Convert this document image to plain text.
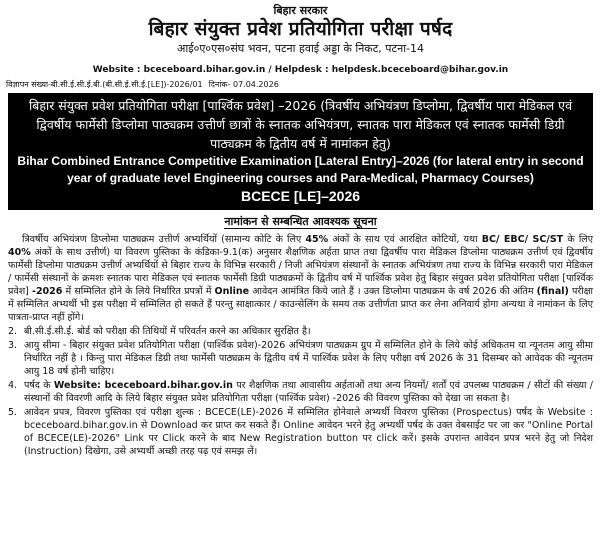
बिहार सरकार
बिहार संयुक्त प्रवेश प्रतियोगिता परीक्षा पर्षद
आई०ए०एस०संघ भवन, पटना हवाई अड्डा के निकट, पटना-14
Website : bceceboard.bihar.gov.in / Helpdesk : helpdesk.bceceboard@bihar.gov.in
विज्ञापन संख्या-बी.सी.ई.सी.ई.बी.(बी.सी.ई.सी.ई.[LE])-2026/01 दिनांक- 07.04.2026
बिहार संयुक्त प्रवेश प्रतियोगिता परीक्षा [पार्श्विक प्रवेश] –2026 (त्रिवर्षीय अभियंत्रण डिप्लोमा, द्विवर्षीय पारा मेडिकल एवं द्विवर्षीय फार्मेसी डिप्लोमा पाठ्यक्रम उत्तीर्ण छात्रों के स्नातक अभियंत्रण, स्नातक पारा मेडिकल एवं स्नातक फार्मेसी डिग्री पाठ्यक्रम के द्वितीय वर्ष में नामांकन हेतु)
Bihar Combined Entrance Competitive Examination [Lateral Entry]–2026 (for lateral entry in second year of graduate level Engineering courses and Para-Medical, Pharmacy Courses)
BCECE [LE]–2026
नामांकन से सम्बन्धित आवश्यक सूचना
त्रिवर्षीय अभियंत्रण डिप्लोमा पाठ्यक्रम उत्तीर्ण अभ्यर्थियों (सामान्य कोटि के लिए 45% अंकों के साथ एवं आरक्षित कोटियों, यथा BC/ EBC/ SC/ST के लिए 40% अंकों के साथ उत्तीर्ण) या विवरण पुस्तिका के कंडिका-9.1(क) अनुसार शैक्षणिक अर्हता प्राप्त तथा द्विवर्षीय पारा मेडिकल डिप्लोमा पाठ्यक्रम उत्तीर्ण एवं द्विवर्षीय फार्मेसी डिप्लोमा पाठ्यक्रम उत्तीर्ण अभ्यर्थियों से बिहार राज्य के विभिन्न सरकारी / निजी अभियंत्रण संस्थानों के स्नातक अभियंत्रण तथा राज्य के विभिन्न सरकारी पारा मेडिकल / फार्मेसी संस्थानों के क्रमशः स्नातक पारा मेडिकल एवं स्नातक फार्मेसी डिग्री पाठ्यक्रमों के द्वितीय वर्ष में पार्श्विक प्रवेश हेतु बिहार संयुक्त प्रवेश प्रतियोगिता परीक्षा [पार्श्विक प्रवेश] -2026 में सम्मिलित होने के लिये निर्धारित प्रपत्रों में Online आवेदन आमंत्रित किये जाते हैं । उक्त डिप्लोमा पाठ्यक्रम के वर्ष 2026 की अंतिम (final) परीक्षा में सम्मिलित अभ्यर्थी भी इस परीक्षा में सम्मिलित हो सकते हैं परन्तु साक्षात्कार / काउन्सेलिंग के समय तक उत्तीर्णता प्राप्त कर लेना अनिवार्य होगा अन्यथा वे नामांकन के लिए पात्रता-प्राप्त नहीं होंगे।
2. बी.सी.ई.सी.ई. बोर्ड को परीक्षा की तिथियों में परिवर्तन करने का अधिकार सुरक्षित है।
3. आयु सीमा - बिहार संयुक्त प्रवेश प्रतियोगिता परीक्षा (पार्श्विक प्रवेश)-2026 अभियंत्रण पाठ्यक्रम ग्रुप में सम्मिलित होने के लिये कोई अधिकतम या न्यूनतम आयु सीमा निर्धारित नहीं है । किन्तु पारा मेडिकल डिग्री तथा फार्मेसी पाठ्यक्रम के द्वितीय वर्ष में पार्श्विक प्रवेश के लिए परीक्षा वर्ष 2026 के 31 दिसम्बर को आवेदक की न्यूनतम आयु 18 वर्ष होनी चाहिए।
4. पर्षद के Website: bceceboard.bihar.gov.in पर शैक्षणिक तथा आवासीय अर्हताओं तथा अन्य नियमों/ शर्तों एवं उपलब्ध पाठ्यक्रम / सीटों की संख्या / संस्थानों की विवरणी आदि के लिये बिहार संयुक्त प्रवेश प्रतियोगिता परीक्षा (पार्श्विक प्रवेश) -2026 की विवरण पुस्तिका को देखा जा सकता है।
5. आवेदन प्रपत्र, विवरण पुस्तिका एवं परीक्षा शुल्क : BCECE(LE)-2026 में सम्मिलित होनेवाले अभ्यर्थी विवरण पुस्तिका (Prospectus) पर्षद के Website : bceceboard.bihar.gov.in से Download कर प्राप्त कर सकते हैं। Online आवेदन भरने हेतु अभ्यर्थी पर्षद के उक्त वेबसाईट पर जा कर "Online Portal of BCECE(LE)-2026" Link पर Click करने के बाद New Registration button पर click करें। इसके उपरान्त आवेदन प्रपत्र भरने हेतु जो निदेश (Instruction) दिखेगा, उसे अभ्यर्थी अच्छी तरह पढ़ एवं समझ लें।
